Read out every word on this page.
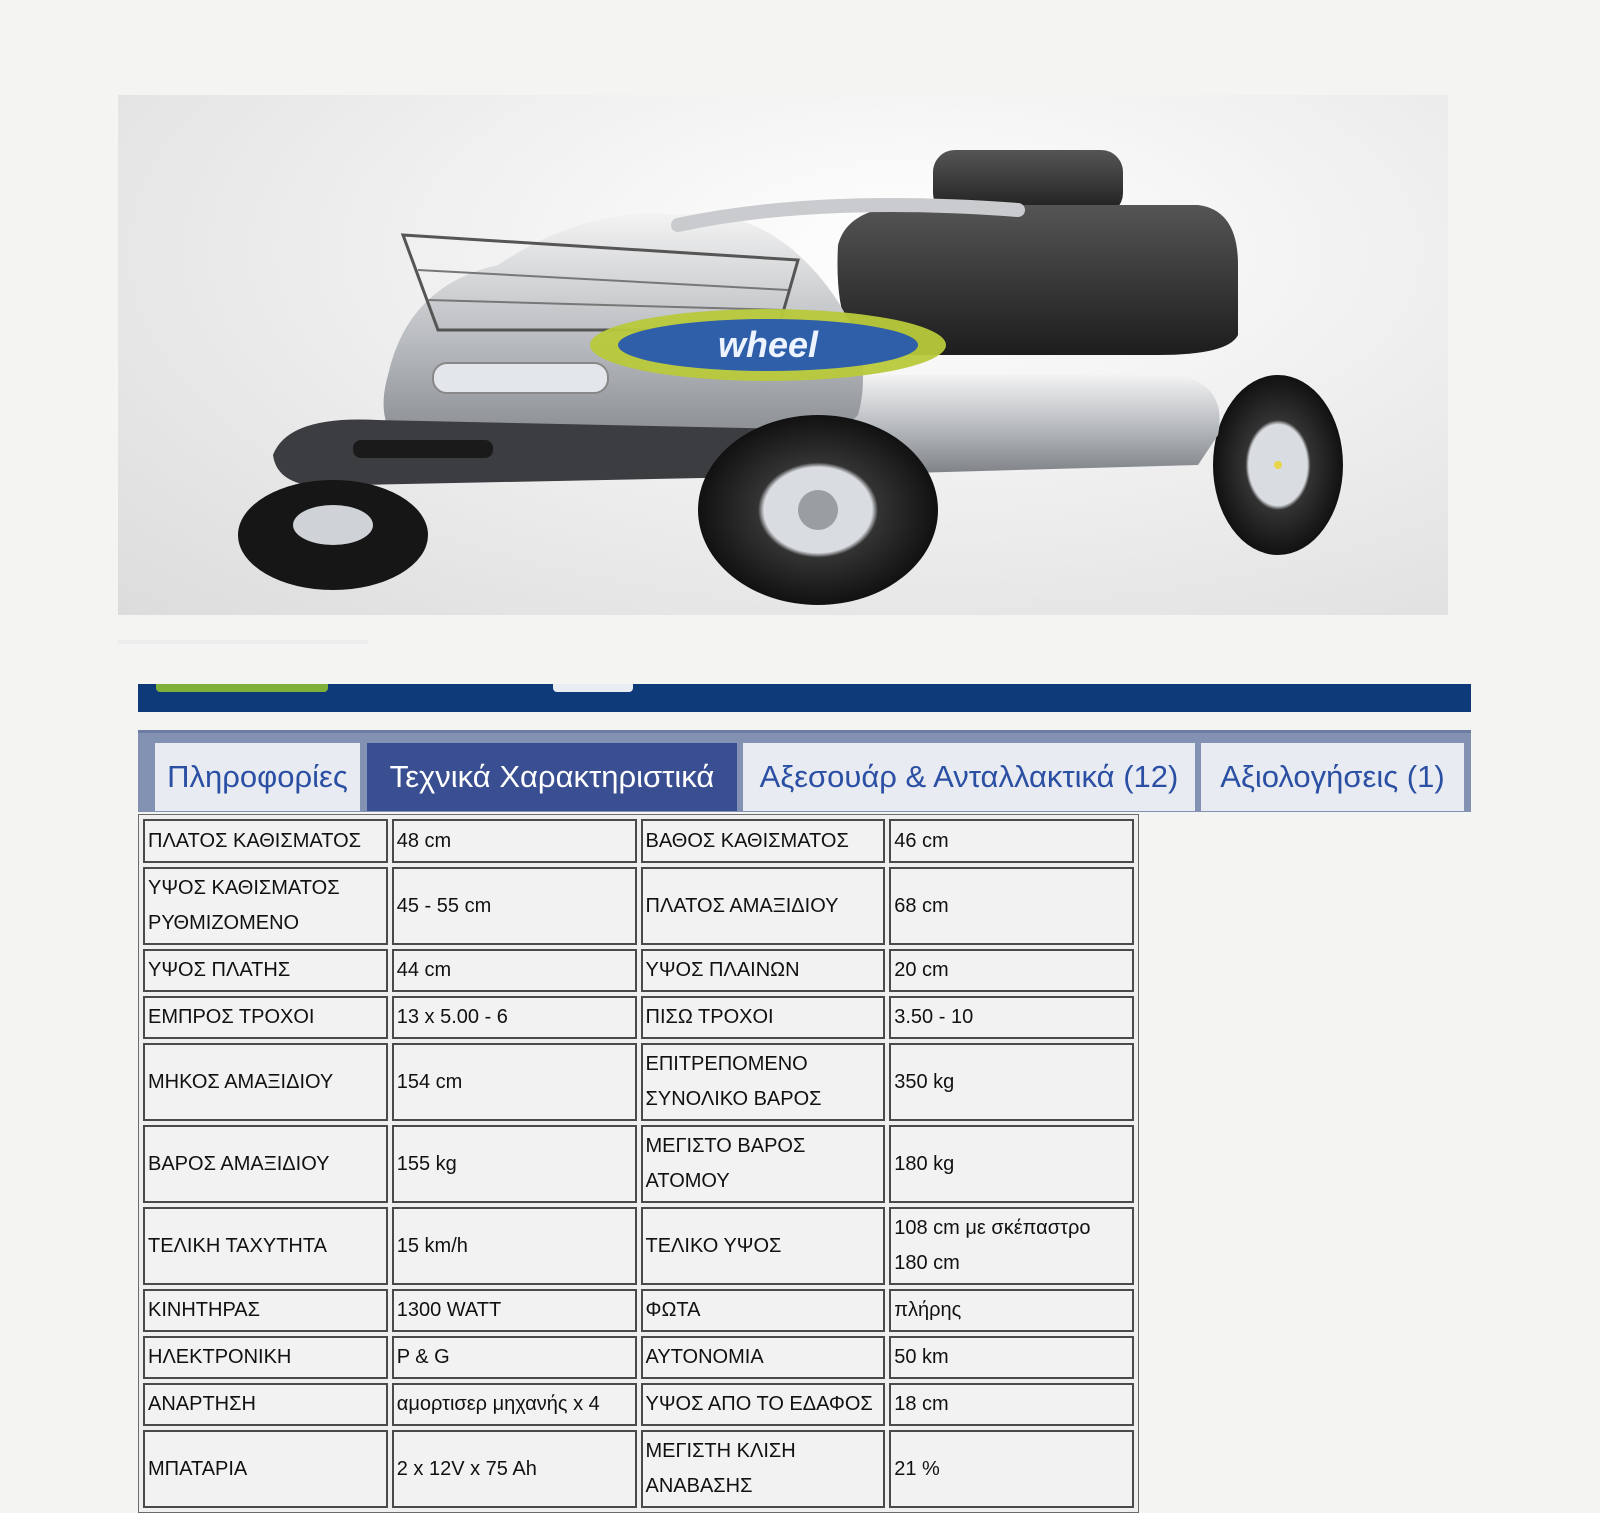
wheel
Πληροφορίες	Τεχνικά Χαρακτηριστικά	Αξεσουάρ & Ανταλλακτικά (12)	Αξιολογήσεις (1)
ΠΛΑΤΟΣ ΚΑΘΙΣΜΑΤΟΣ	48 cm	ΒΑΘΟΣ ΚΑΘΙΣΜΑΤΟΣ	46 cm
ΥΨΟΣ ΚΑΘΙΣΜΑΤΟΣ ΡΥΘΜΙΖΟΜΕΝΟ	45 - 55 cm	ΠΛΑΤΟΣ ΑΜΑΞΙΔΙΟΥ	68 cm
ΥΨΟΣ ΠΛΑΤΗΣ	44 cm	ΥΨΟΣ ΠΛΑΙΝΩΝ	20 cm
ΕΜΠΡΟΣ ΤΡΟΧΟΙ	13 x 5.00 - 6	ΠΙΣΩ ΤΡΟΧΟΙ	3.50 - 10
ΜΗΚΟΣ ΑΜΑΞΙΔΙΟΥ	154 cm	ΕΠΙΤΡΕΠΟΜΕΝΟ ΣΥΝΟΛΙΚΟ ΒΑΡΟΣ	350 kg
ΒΑΡΟΣ ΑΜΑΞΙΔΙΟΥ	155 kg	ΜΕΓΙΣΤΟ ΒΑΡΟΣ ΑΤΟΜΟΥ	180 kg
ΤΕΛΙΚΗ ΤΑΧΥΤΗΤΑ	15 km/h	ΤΕΛΙΚΟ ΥΨΟΣ	108 cm με σκέπαστρο 180 cm
ΚΙΝΗΤΗΡΑΣ	1300 WATT	ΦΩΤΑ	πλήρης
ΗΛΕΚΤΡΟΝΙΚΗ	P & G	ΑΥΤΟΝΟΜΙΑ	50 km
ΑΝΑΡΤΗΣΗ	αμορτισερ μηχανής x 4	ΥΨΟΣ ΑΠΟ ΤΟ ΕΔΑΦΟΣ	18 cm
ΜΠΑΤΑΡΙΑ	2 x 12V x 75 Ah	ΜΕΓΙΣΤΗ ΚΛΙΣΗ ΑΝΑΒΑΣΗΣ	21 %
